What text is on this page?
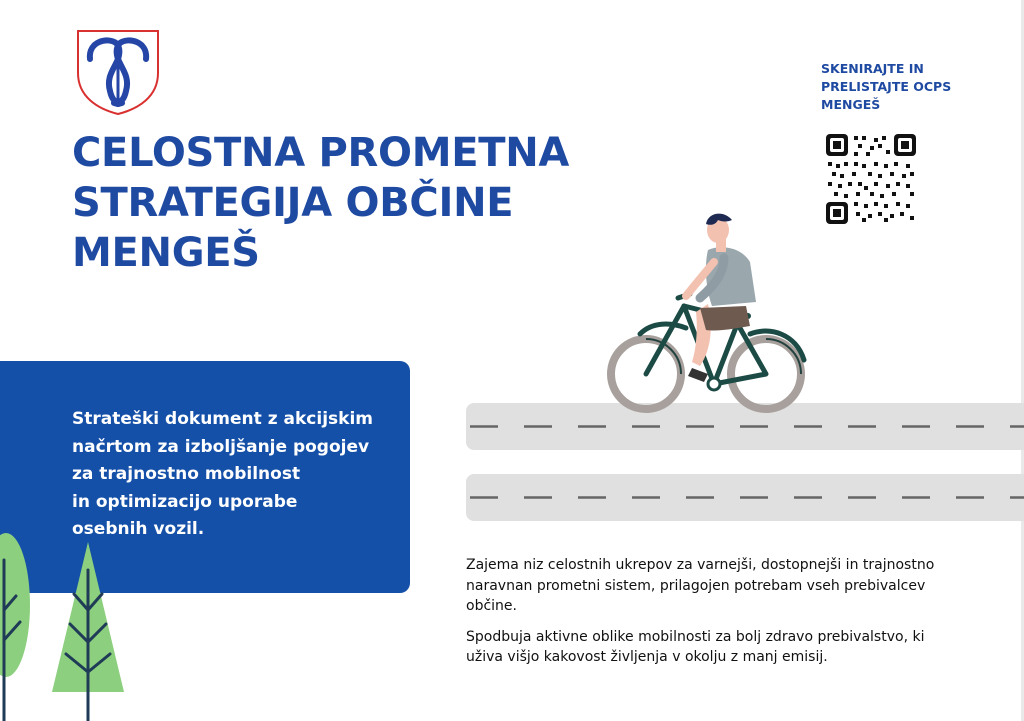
CELOSTNA PROMETNA
STRATEGIJA OBČINE
MENGEŠ
SKENIRAJTE IN
PRELISTAJTE OCPS
MENGEŠ
Strateški dokument z akcijskim
načrtom za izboljšanje pogojev
za trajnostno mobilnost
in optimizacijo uporabe
osebnih vozil.

Zajema niz celostnih ukrepov za varnejši, dostopnejši in trajnostno
naravnan prometni sistem, prilagojen potrebam vseh prebivalcev
občine.

Spodbuja aktivne oblike mobilnosti za bolj zdravo prebivalstvo, ki
uživa višjo kakovost življenja v okolju z manj emisij.
